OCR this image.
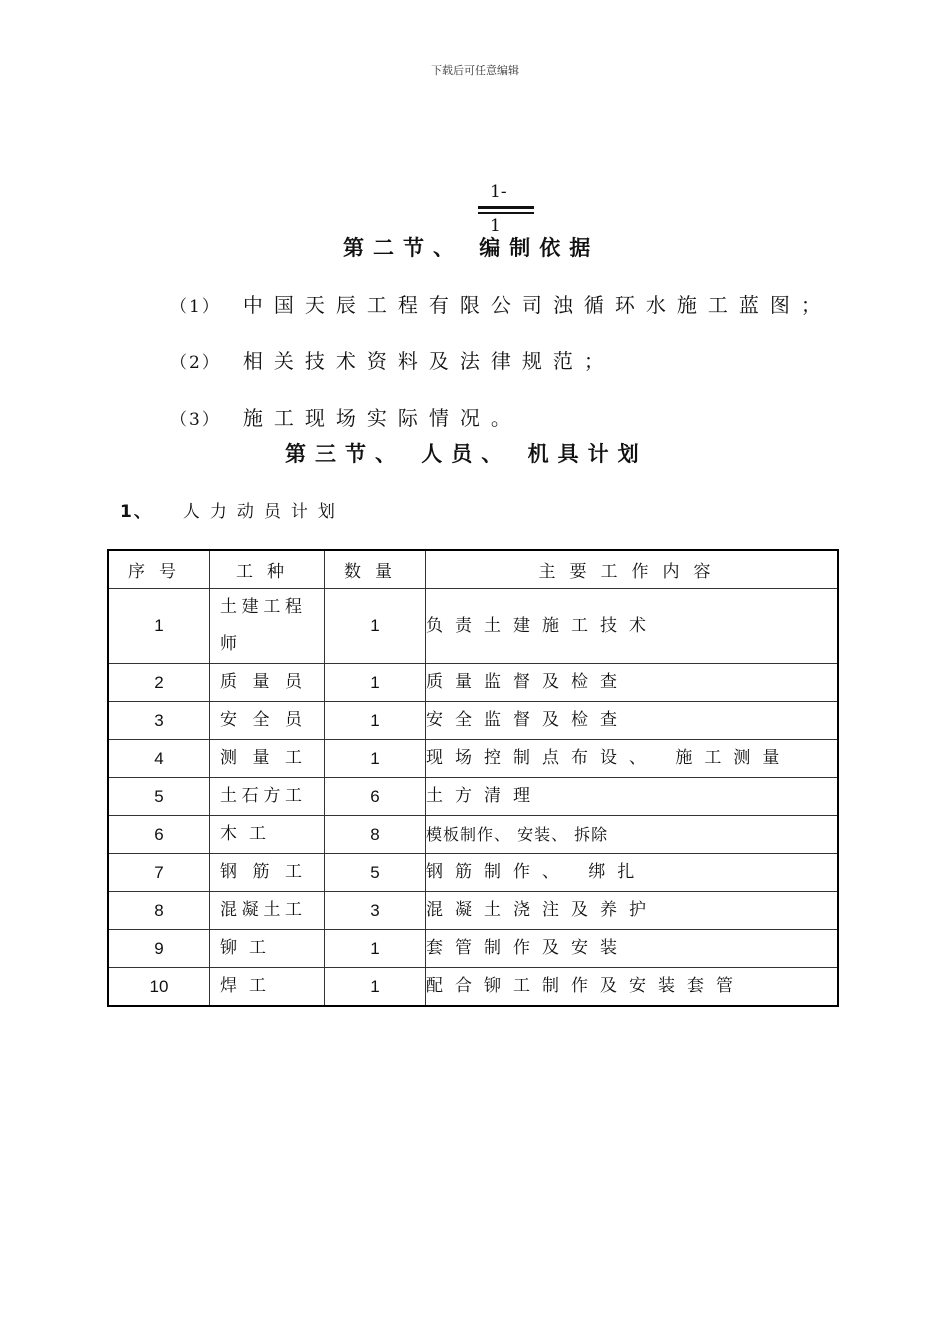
下载后可任意编辑
1-
1
第二节、 编制依据
（1） 中国天辰工程有限公司浊循环水施工蓝图；
（2） 相关技术资料及法律规范；
（3） 施工现场实际情况。
第三节、 人员、 机具计划
1、 人力动员计划
序号	工种	数量	主要工作内容
1	土建工程师	1	负责土建施工技术
2	质量员	1	质量监督及检查
3	安全员	1	安全监督及检查
4	测量工	1	现场控制点布设、 施工测量
5	土石方工	6	土方清理
6	木工	8	模板制作、 安装、 拆除
7	钢筋工	5	钢筋制作、 绑扎
8	混凝土工	3	混凝土浇注及养护
9	铆工	1	套管制作及安装
10	焊工	1	配合铆工制作及安装套管
